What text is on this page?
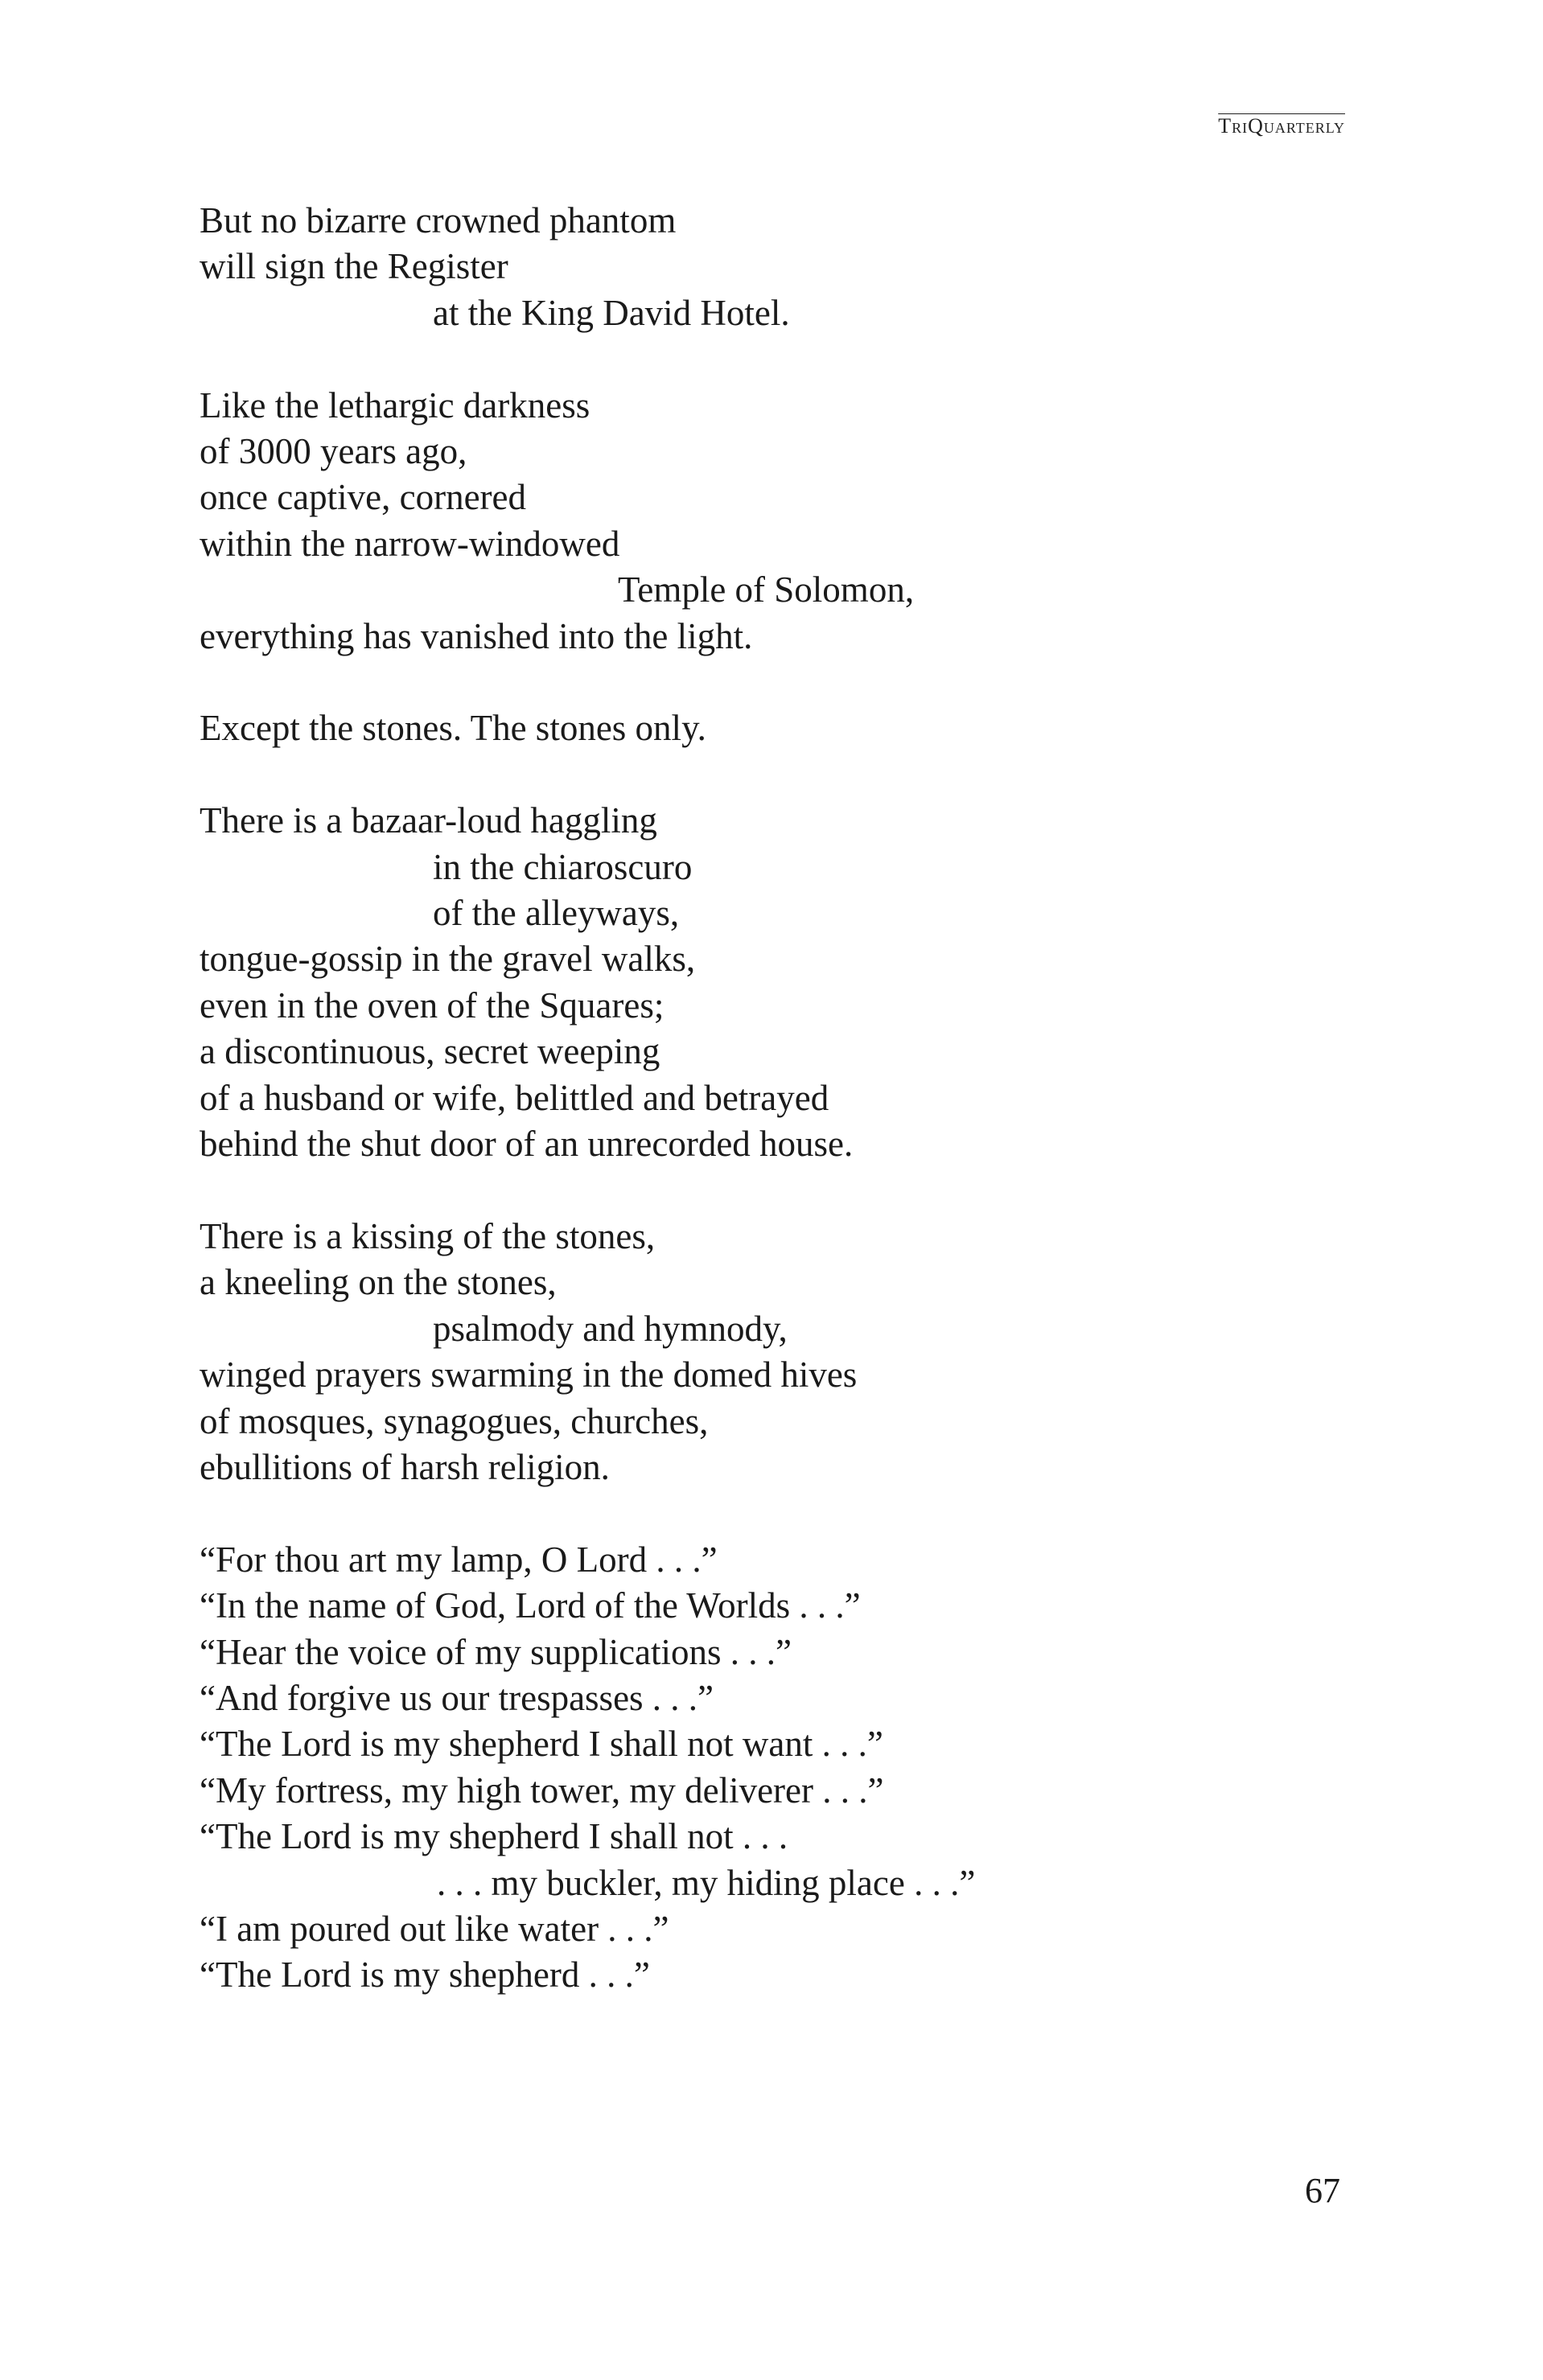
TriQuarterly
But no bizarre crowned phantom
will sign the Register
at the King David Hotel.
Like the lethargic darkness
of 3000 years ago,
once captive, cornered
within the narrow-windowed
Temple of Solomon,
everything has vanished into the light.
Except the stones. The stones only.
There is a bazaar-loud haggling
in the chiaroscuro
of the alleyways,
tongue-gossip in the gravel walks,
even in the oven of the Squares;
a discontinuous, secret weeping
of a husband or wife, belittled and betrayed
behind the shut door of an unrecorded house.
There is a kissing of the stones,
a kneeling on the stones,
psalmody and hymnody,
winged prayers swarming in the domed hives
of mosques, synagogues, churches,
ebullitions of harsh religion.
“For thou art my lamp, O Lord . . .”
“In the name of God, Lord of the Worlds . . .”
“Hear the voice of my supplications . . .”
“And forgive us our trespasses . . .”
“The Lord is my shepherd I shall not want . . .”
“My fortress, my high tower, my deliverer . . .”
“The Lord is my shepherd I shall not . . .
. . . my buckler, my hiding place . . .”
“I am poured out like water . . .”
“The Lord is my shepherd . . .”
67
